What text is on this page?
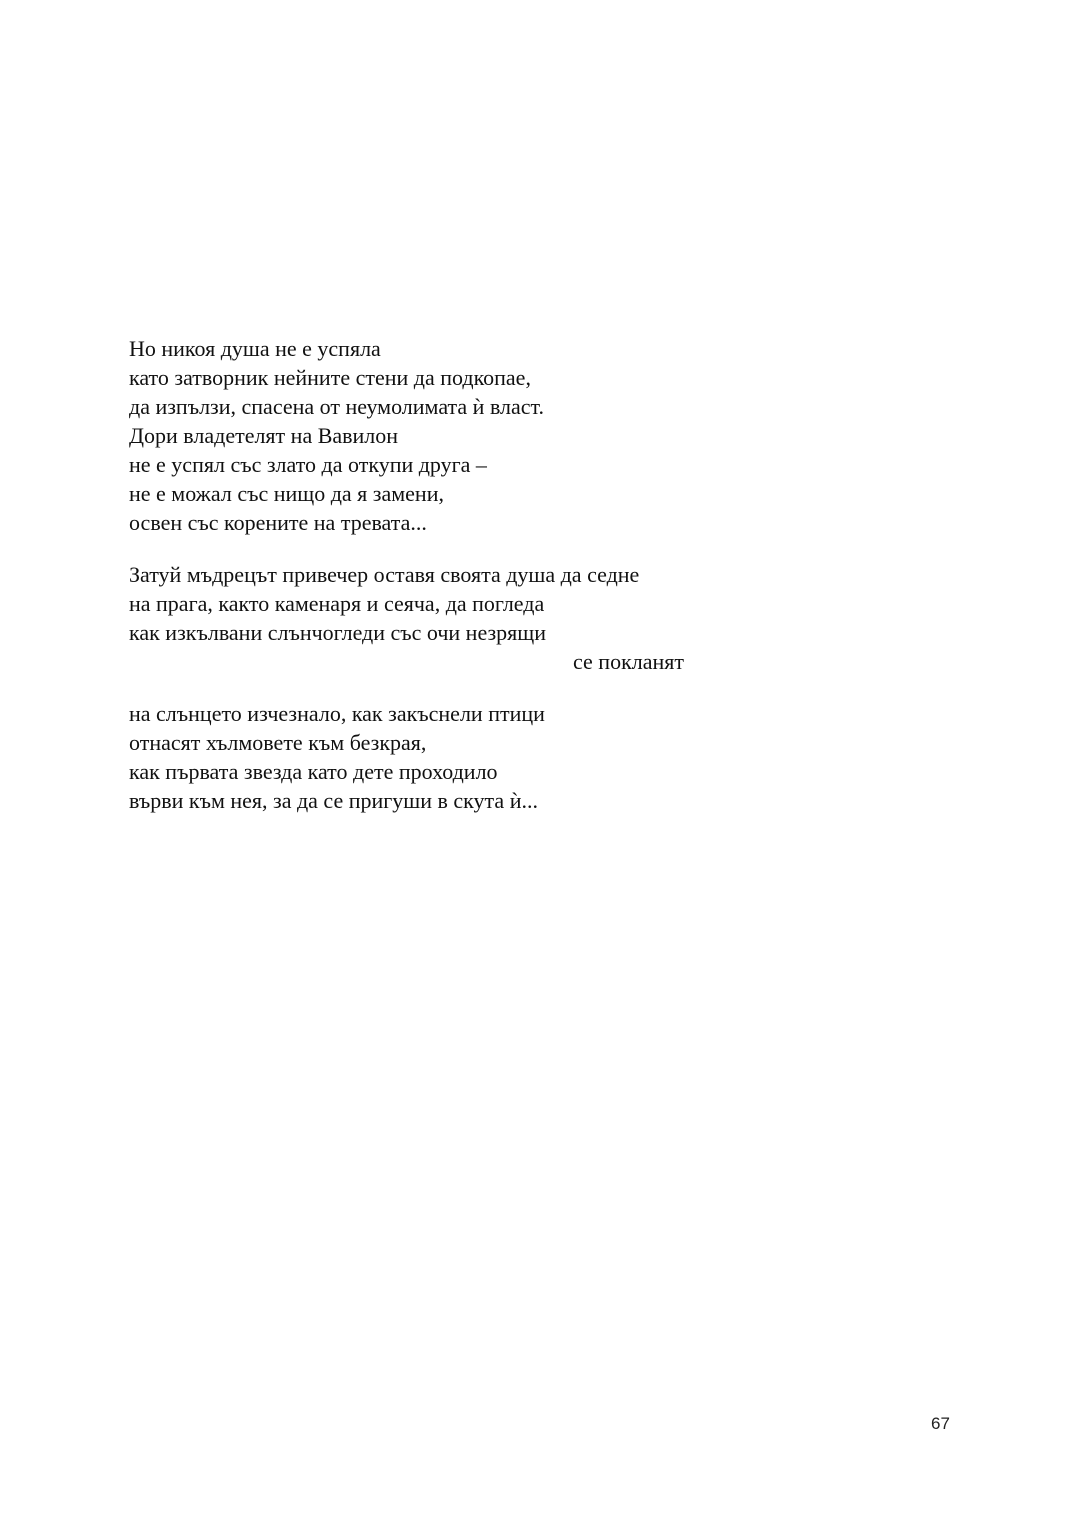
Но никоя душа не е успяла
като затворник нейните стени да подкопае,
да изпълзи, спасена от неумолимата ѝ власт.
Дори владетелят на Вавилон
не е успял със злато да откупи друга –
не е можал със нищо да я замени,
освен със корените на тревата...
Затуй мъдрецът привечер оставя своята душа да седне
на прага, както каменаря и сеяча, да погледа
как изкълвани слънчогледи със очи незрящи
се покланят
на слънцето изчезнало, как закъснели птици
отнасят хълмовете към безкрая,
как първата звезда като дете проходило
върви към нея, за да се пригуши в скута ѝ...
67
